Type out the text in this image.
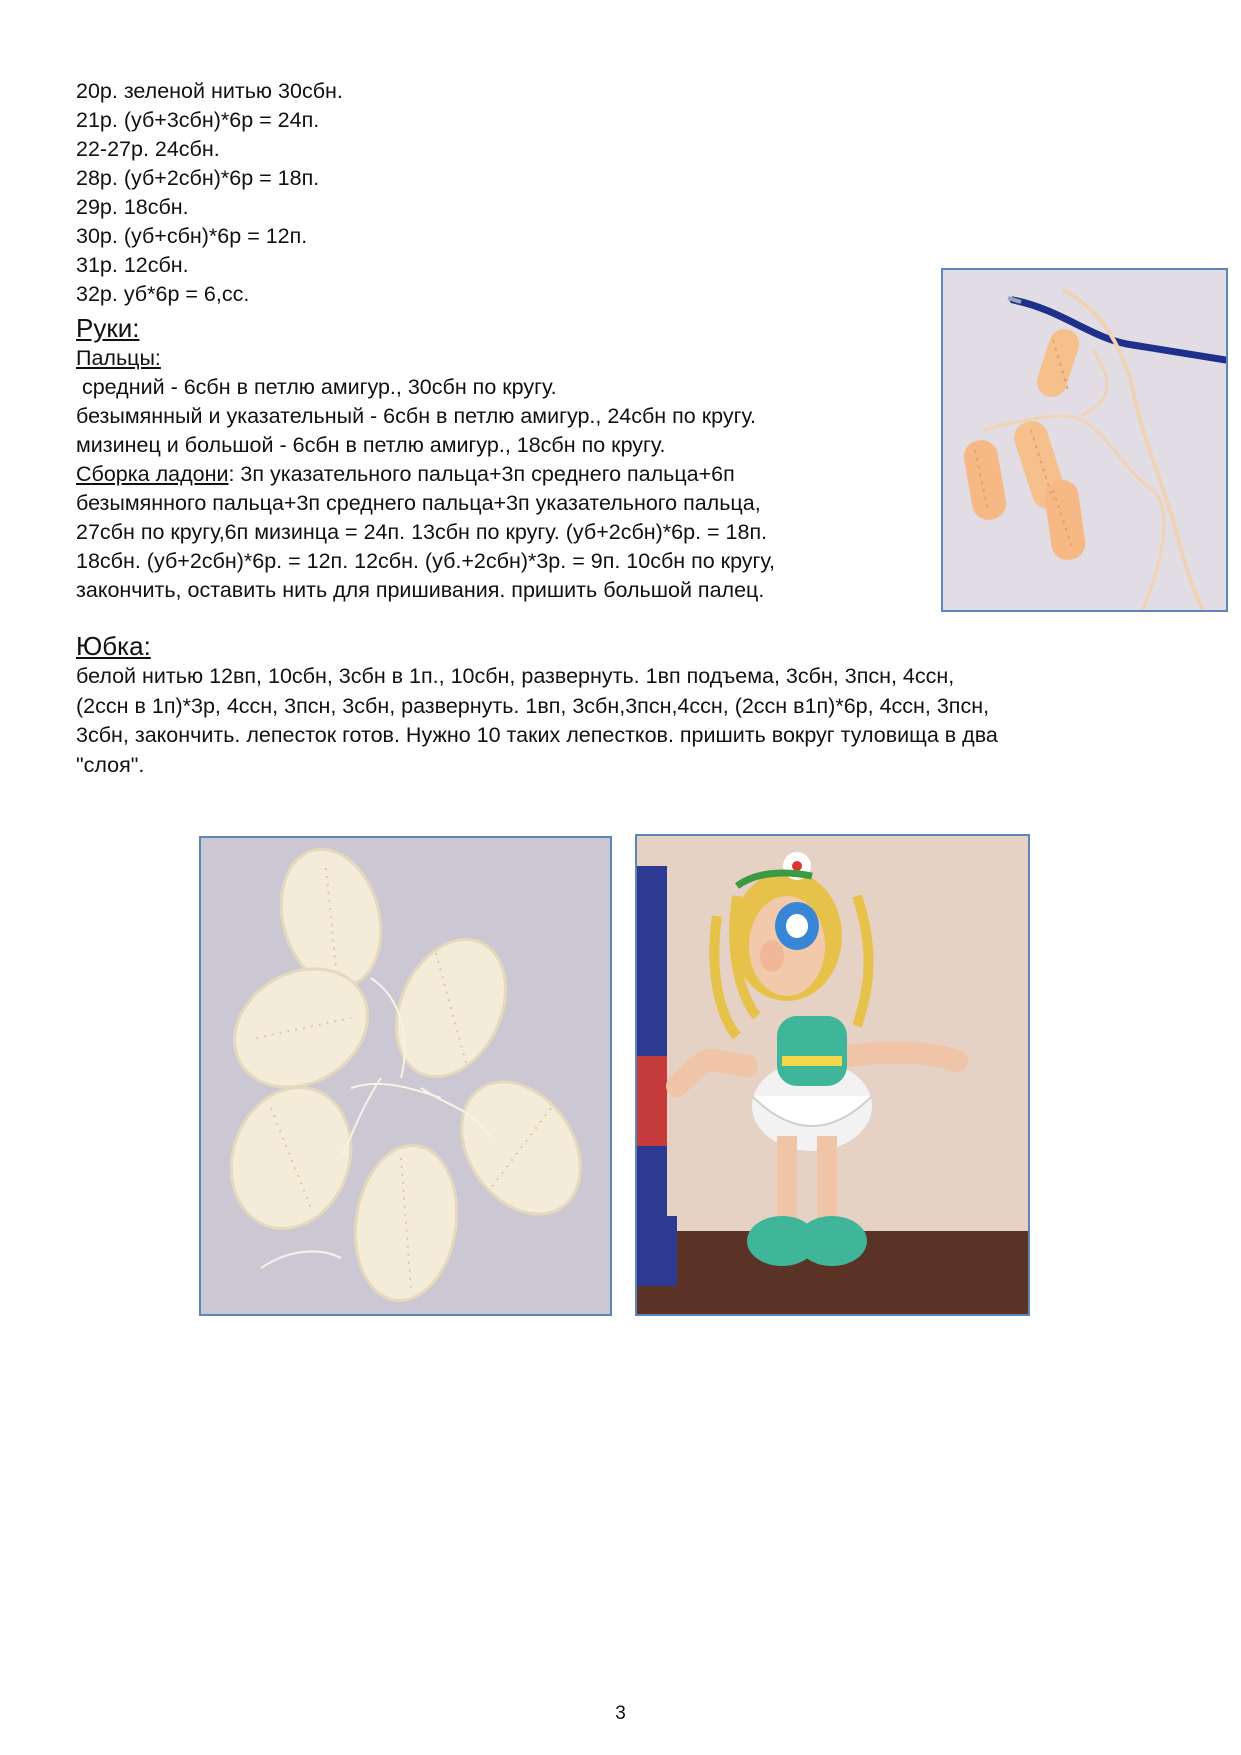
20р. зеленой нитью 30сбн.
21р. (уб+3сбн)*6р = 24п.
22-27р. 24сбн.
28р. (уб+2сбн)*6р = 18п.
29р. 18сбн.
30р. (уб+сбн)*6р = 12п.
31р. 12сбн.
32р. уб*6р = 6,сс.
Руки:
Пальцы:
средний - 6сбн в петлю амигур., 30сбн по кругу.
безымянный и указательный - 6сбн в петлю амигур., 24сбн по кругу.
мизинец и большой - 6сбн в петлю амигур., 18сбн по кругу.
Сборка ладони: 3п указательного пальца+3п среднего пальца+6п
безымянного пальца+3п среднего пальца+3п указательного пальца,
27сбн по кругу,6п мизинца = 24п. 13сбн по кругу. (уб+2сбн)*6р. = 18п.
18сбн. (уб+2сбн)*6р. = 12п. 12сбн. (уб.+2сбн)*3р. = 9п. 10сбн по кругу,
закончить, оставить нить для пришивания. пришить большой палец.
Юбка:
белой нитью 12вп, 10сбн, 3сбн в 1п., 10сбн, развернуть. 1вп подъема, 3сбн, 3псн, 4ссн,
(2ссн в 1п)*3р, 4ссн, 3псн, 3сбн, развернуть. 1вп, 3сбн,3псн,4ссн, (2ссн в1п)*6р, 4ссн, 3псн,
3сбн, закончить. лепесток готов. Нужно 10 таких лепестков. пришить вокруг туловища в два
"слоя".
3
